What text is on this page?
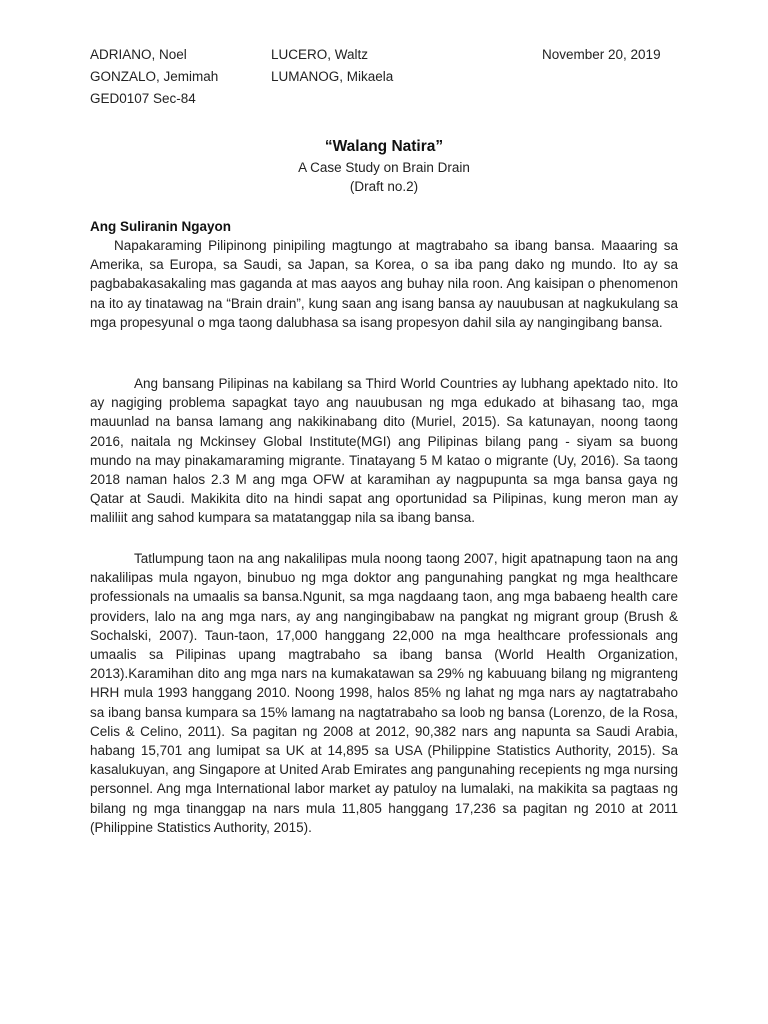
ADRIANO, Noel
GONZALO, Jemimah
GED0107 Sec-84
LUCERO, Waltz
LUMANOG, Mikaela
November 20, 2019
“Walang Natira”
A Case Study on Brain Drain
(Draft no.2)
Ang Suliranin Ngayon

Napakaraming Pilipinong pinipiling magtungo at magtrabaho sa ibang bansa. Maaaring sa Amerika, sa Europa, sa Saudi, sa Japan, sa Korea, o sa iba pang dako ng mundo. Ito ay sa pagbabakasakaling mas gaganda at mas aayos ang buhay nila roon. Ang kaisipan o phenomenon na ito ay tinatawag na “Brain drain”, kung saan ang isang bansa ay nauubusan at nagkukulang sa mga propesyunal o mga taong dalubhasa sa isang propesyon dahil sila ay nangingibang bansa.

Ang bansang Pilipinas na kabilang sa Third World Countries ay lubhang apektado nito. Ito ay nagiging problema sapagkat tayo ang nauubusan ng mga edukado at bihasang tao, mga mauunlad na bansa lamang ang nakikinabang dito (Muriel, 2015). Sa katunayan, noong taong 2016, naitala ng Mckinsey Global Institute(MGI) ang Pilipinas bilang pang - siyam sa buong mundo na may pinakamaraming migrante. Tinatayang 5 M katao o migrante (Uy, 2016). Sa taong 2018 naman halos 2.3 M ang mga OFW at karamihan ay nagpupunta sa mga bansa gaya ng Qatar at Saudi. Makikita dito na hindi sapat ang oportunidad sa Pilipinas, kung meron man ay maliliit ang sahod kumpara sa matatanggap nila sa ibang bansa.

Tatlumpung taon na ang nakalilipas mula noong taong 2007, higit apatnapung taon na ang nakalilipas mula ngayon, binubuo ng mga doktor ang pangunahing pangkat ng mga healthcare professionals na umaalis sa bansa.Ngunit, sa mga nagdaang taon, ang mga babaeng health care providers, lalo na ang mga nars, ay ang nangingibabaw na pangkat ng migrant group (Brush & Sochalski, 2007). Taun-taon, 17,000 hanggang 22,000 na mga healthcare professionals ang umaalis sa Pilipinas upang magtrabaho sa ibang bansa (World Health Organization, 2013).Karamihan dito ang mga nars na kumakatawan sa 29% ng kabuuang bilang ng migranteng HRH mula 1993 hanggang 2010. Noong 1998, halos 85% ng lahat ng mga nars ay nagtatrabaho sa ibang bansa kumpara sa 15% lamang na nagtatrabaho sa loob ng bansa (Lorenzo, de la Rosa, Celis & Celino, 2011). Sa pagitan ng 2008 at 2012, 90,382 nars ang napunta sa Saudi Arabia, habang 15,701 ang lumipat sa UK at 14,895 sa USA (Philippine Statistics Authority, 2015). Sa kasalukuyan, ang Singapore at United Arab Emirates ang pangunahing recepients ng mga nursing personnel. Ang mga International labor market ay patuloy na lumalaki, na makikita sa pagtaas ng bilang ng mga tinanggap na nars mula 11,805 hanggang 17,236 sa pagitan ng 2010 at 2011 (Philippine Statistics Authority, 2015).
